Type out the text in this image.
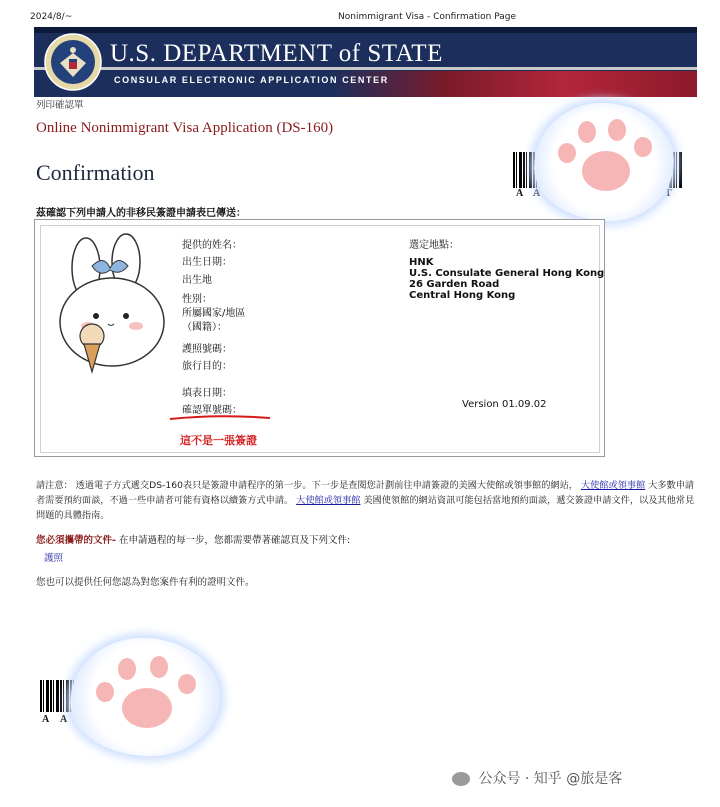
2024/8/~	Nonimmigrant Visa - Confirmation Page
U.S. DEPARTMENT of STATE
CONSULAR ELECTRONIC APPLICATION CENTER
列印確認單
Online Nonimmigrant Visa Application (DS-160)
Confirmation
A A	T
茲確認下列申請人的非移民簽證申請表已傳送：
提供的姓名：
出生日期：
出生地
性別：
所屬國家/地區（國籍）：
護照號碼：
旅行目的：
填表日期：
確認單號碼：
這不是一張簽證
選定地點：
HNK
U.S. Consulate General Hong Kong
26 Garden Road
Central Hong Kong
Version 01.09.02
請注意： 透過電子方式遞交DS-160表只是簽證申請程序的第一步。下一步是查閱您計劃前往申請簽證的美國大使館或領事館的網站， 大使館或領事館 大多數申請者需要預約面談，不過一些申請者可能有資格以續簽方式申請。 大使館或領事館 美國使領館的網站資訊可能包括當地預約面談，遞交簽證申請文件，以及其他常見問題的具體指南。
您必須攜帶的文件- 在申請過程的每一步，您都需要帶著確認頁及下列文件:
護照
您也可以提供任何您認為對您案件有利的證明文件。
A A
公众号 · 知乎 @旅是客
